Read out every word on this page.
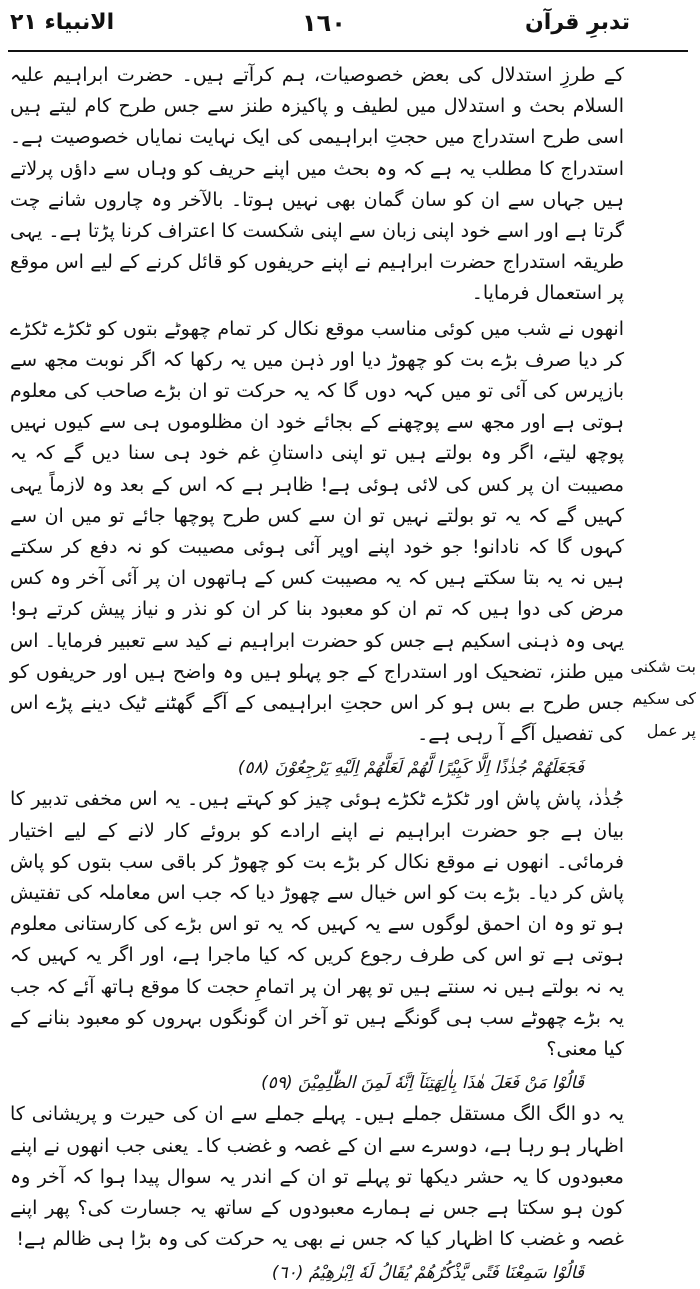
تدبرِ قرآن
١٦٠
الانبياء ٢١

کے طرزِ استدلال کی بعض خصوصیات، ہم کرآتے ہیں۔ حضرت ابراہیم علیہ السلام بحث و استدلال میں لطیف و پاکیزہ طنز سے جس طرح کام لیتے ہیں اسی طرح استدراج میں حجتِ ابراہیمی کی ایک نہایت نمایاں خصوصیت ہے۔ استدراج کا مطلب یہ ہے کہ وہ بحث میں اپنے حریف کو وہاں سے داؤں پرلاتے ہیں جہاں سے ان کو سان گمان بھی نہیں ہوتا۔ بالآخر وہ چاروں شانے چت گرتا ہے اور اسے خود اپنی زبان سے اپنی شکست کا اعتراف کرنا پڑتا ہے۔ یہی طریقہ استدراج حضرت ابراہیم نے اپنے حریفوں کو قائل کرنے کے لیے اس موقع پر استعمال فرمایا۔

انھوں نے شب میں کوئی مناسب موقع نکال کر تمام چھوٹے بتوں کو ٹکڑے ٹکڑے کر دیا صرف بڑے بت کو چھوڑ دیا اور ذہن میں یہ رکھا کہ اگر نوبت مجھ سے بازپرس کی آئی تو میں کہہ دوں گا کہ یہ حرکت تو ان بڑے صاحب کی معلوم ہوتی ہے اور مجھ سے پوچھنے کے بجائے خود ان مظلوموں ہی سے کیوں نہیں پوچھ لیتے، اگر وہ بولتے ہیں تو اپنی داستانِ غم خود ہی سنا دیں گے کہ یہ مصیبت ان پر کس کی لائی ہوئی ہے! ظاہر ہے کہ اس کے بعد وہ لازماً یہی کہیں گے کہ یہ تو بولتے نہیں تو ان سے کس طرح پوچھا جائے تو میں ان سے کہوں گا کہ نادانو! جو خود اپنے اوپر آئی ہوئی مصیبت کو نہ دفع کر سکتے ہیں نہ یہ بتا سکتے ہیں کہ یہ مصیبت کس کے ہاتھوں ان پر آئی آخر وہ کس مرض کی دوا ہیں کہ تم ان کو معبود بنا کر ان کو نذر و نیاز پیش کرتے ہو! یہی وہ ذہنی اسکیم ہے جس کو حضرت ابراہیم نے کید سے تعبیر فرمایا۔ اس میں طنز، تضحیک اور استدراج کے جو پہلو ہیں وہ واضح ہیں اور حریفوں کو جس طرح بے بس ہو کر اس حجتِ ابراہیمی کے آگے گھٹنے ٹیک دینے پڑے اس کی تفصیل آگے آ رہی ہے۔

فَجَعَلَهُمْ جُذٰذًا اِلَّا كَبِيْرًا لَّهُمْ لَعَلَّهُمْ اِلَيْهِ يَرْجِعُوْنَ (٥٨)

جُذٰذ، پاش پاش اور ٹکڑے ٹکڑے ہوئی چیز کو کہتے ہیں۔ یہ اس مخفی تدبیر کا بیان ہے جو حضرت ابراہیم نے اپنے ارادے کو بروئے کار لانے کے لیے اختیار فرمائی۔ انھوں نے موقع نکال کر بڑے بت کو چھوڑ کر باقی سب بتوں کو پاش پاش کر دیا۔ بڑے بت کو اس خیال سے چھوڑ دیا کہ جب اس معاملہ کی تفتیش ہو تو وہ ان احمق لوگوں سے یہ کہیں کہ یہ تو اس بڑے کی کارستانی معلوم ہوتی ہے تو اس کی طرف رجوع کریں کہ کیا ماجرا ہے، اور اگر یہ کہیں کہ یہ نہ بولتے ہیں نہ سنتے ہیں تو پھر ان پر اتمامِ حجت کا موقع ہاتھ آئے کہ جب یہ بڑے چھوٹے سب ہی گونگے ہیں تو آخر ان گونگوں بہروں کو معبود بنانے کے کیا معنی؟

قَالُوْا مَنْ فَعَلَ هٰذَا بِاٰلِهَتِنَآ اِنَّهٗ لَمِنَ الظّٰلِمِيْنَ (٥٩)

یہ دو الگ الگ مستقل جملے ہیں۔ پہلے جملے سے ان کی حیرت و پریشانی کا اظہار ہو رہا ہے، دوسرے سے ان کے غصہ و غضب کا۔ یعنی جب انھوں نے اپنے معبودوں کا یہ حشر دیکھا تو پہلے تو ان کے اندر یہ سوال پیدا ہوا کہ آخر وہ کون ہو سکتا ہے جس نے ہمارے معبودوں کے ساتھ یہ جسارت کی؟ پھر اپنے غصہ و غضب کا اظہار کیا کہ جس نے بھی یہ حرکت کی وہ بڑا ہی ظالم ہے!

قَالُوْا سَمِعْنَا فَتًى يَّذْكُرُهُمْ يُقَالُ لَهٗ اِبْرٰهِيْمُ (٦٠)

بت شکنی
کی سکیم
پر عمل
